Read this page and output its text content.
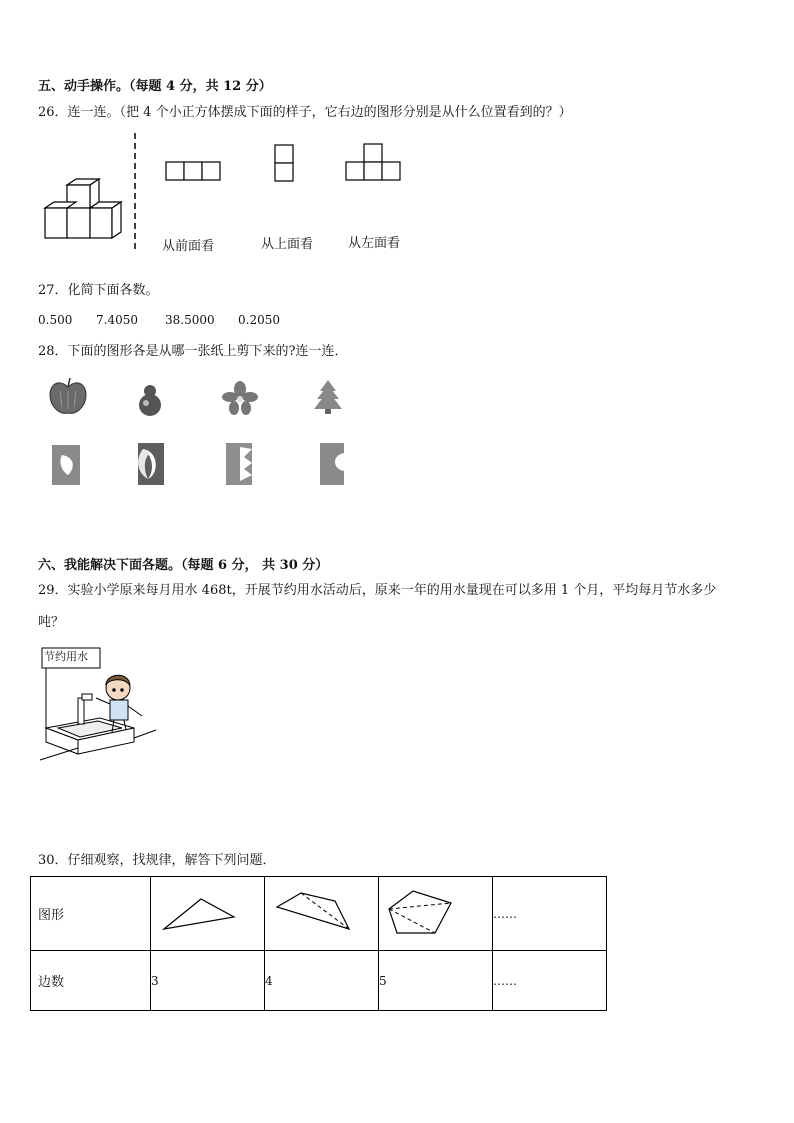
五、动手操作。（每题 4 分，共 12 分）
26．连一连。（把 4 个小正方体摆成下面的样子，它右边的图形分别是从什么位置看到的？）
从前面看	从上面看	从左面看
27．化简下面各数。
0.500 7.4050 38.5000 0.2050
28．下面的图形各是从哪一张纸上剪下来的?连一连．
六、我能解决下面各题。（每题 6 分， 共 30 分）
29．实验小学原来每月用水 468t，开展节约用水活动后，原来一年的用水量现在可以多用 1 个月，平均每月节水多少
吨？
节约用水
30．仔细观察，找规律，解答下列问题．
图形				……
边数	3	4	5	……
